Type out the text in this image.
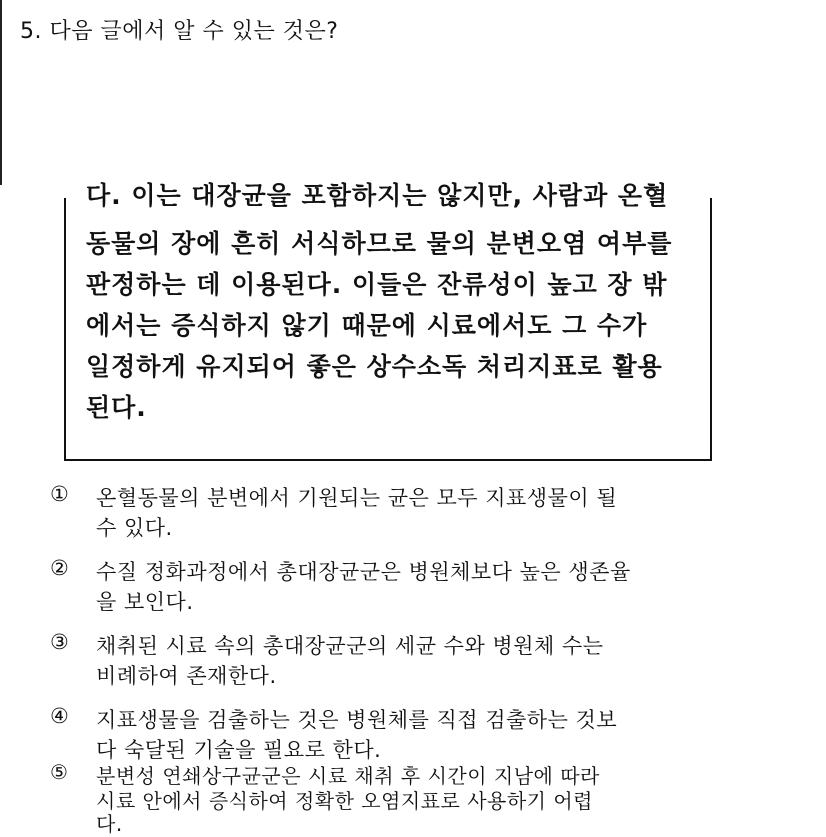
5. 다음 글에서 알 수 있는 것은?
다. 이는 대장균을 포함하지는 않지만, 사람과 온혈
동물의 장에 흔히 서식하므로 물의 분변오염 여부를
판정하는 데 이용된다. 이들은 잔류성이 높고 장 밖
에서는 증식하지 않기 때문에 시료에서도 그 수가
일정하게 유지되어 좋은 상수소독 처리지표로 활용
된다.
① 온혈동물의 분변에서 기원되는 균은 모두 지표생물이 될
수 있다.
② 수질 정화과정에서 총대장균군은 병원체보다 높은 생존율
을 보인다.
③ 채취된 시료 속의 총대장균군의 세균 수와 병원체 수는
비례하여 존재한다.
④ 지표생물을 검출하는 것은 병원체를 직접 검출하는 것보
다 숙달된 기술을 필요로 한다.
⑤ 분변성 연쇄상구균군은 시료 채취 후 시간이 지남에 따라
시료 안에서 증식하여 정확한 오염지표로 사용하기 어렵
다.
